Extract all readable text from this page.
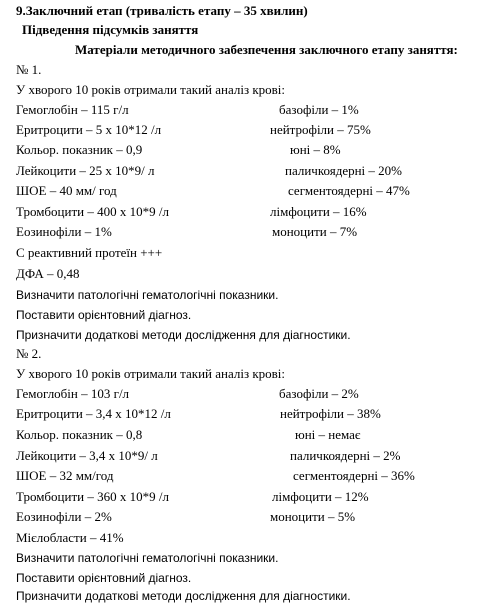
9.Заключний етап (тривалість етапу – 35 хвилин)
Підведення підсумків заняття
Матеріали методичного забезпечення заключного етапу заняття:
№ 1.
У хворого 10 років отримали такий аналіз крові:
Гемоглобін – 115 г/л	базофіли – 1%
Еритроцити – 5 х 10*12 /л	нейтрофіли – 75%
Кольор. показник – 0,9	юні – 8%
Лейкоцити – 25 х 10*9/ л	паличкоядерні – 20%
ШОЕ – 40 мм/ год	сегментоядерні – 47%
Тромбоцити – 400 х 10*9 /л	лімфоцити – 16%
Еозинофіли – 1%	моноцити – 7%
С реактивний протеїн +++
ДФА – 0,48
Визначити патологічні гематологічні показники.
Поставити орієнтовний діагноз.
Призначити додаткові методи дослідження для діагностики.
№ 2.
У хворого 10 років отримали такий аналіз крові:
Гемоглобін – 103 г/л	базофіли – 2%
Еритроцити – 3,4 х 10*12 /л	нейтрофіли – 38%
Кольор. показник – 0,8	юні – немає
Лейкоцити – 3,4 х 10*9/ л	паличкоядерні – 2%
ШОЕ – 32 мм/год	сегментоядерні – 36%
Тромбоцити – 360 х 10*9 /л	лімфоцити – 12%
Еозинофіли – 2%	моноцити – 5%
Мієлобласти – 41%
Визначити патологічні гематологічні показники.
Поставити орієнтовний діагноз.
Призначити додаткові методи дослідження для діагностики.
